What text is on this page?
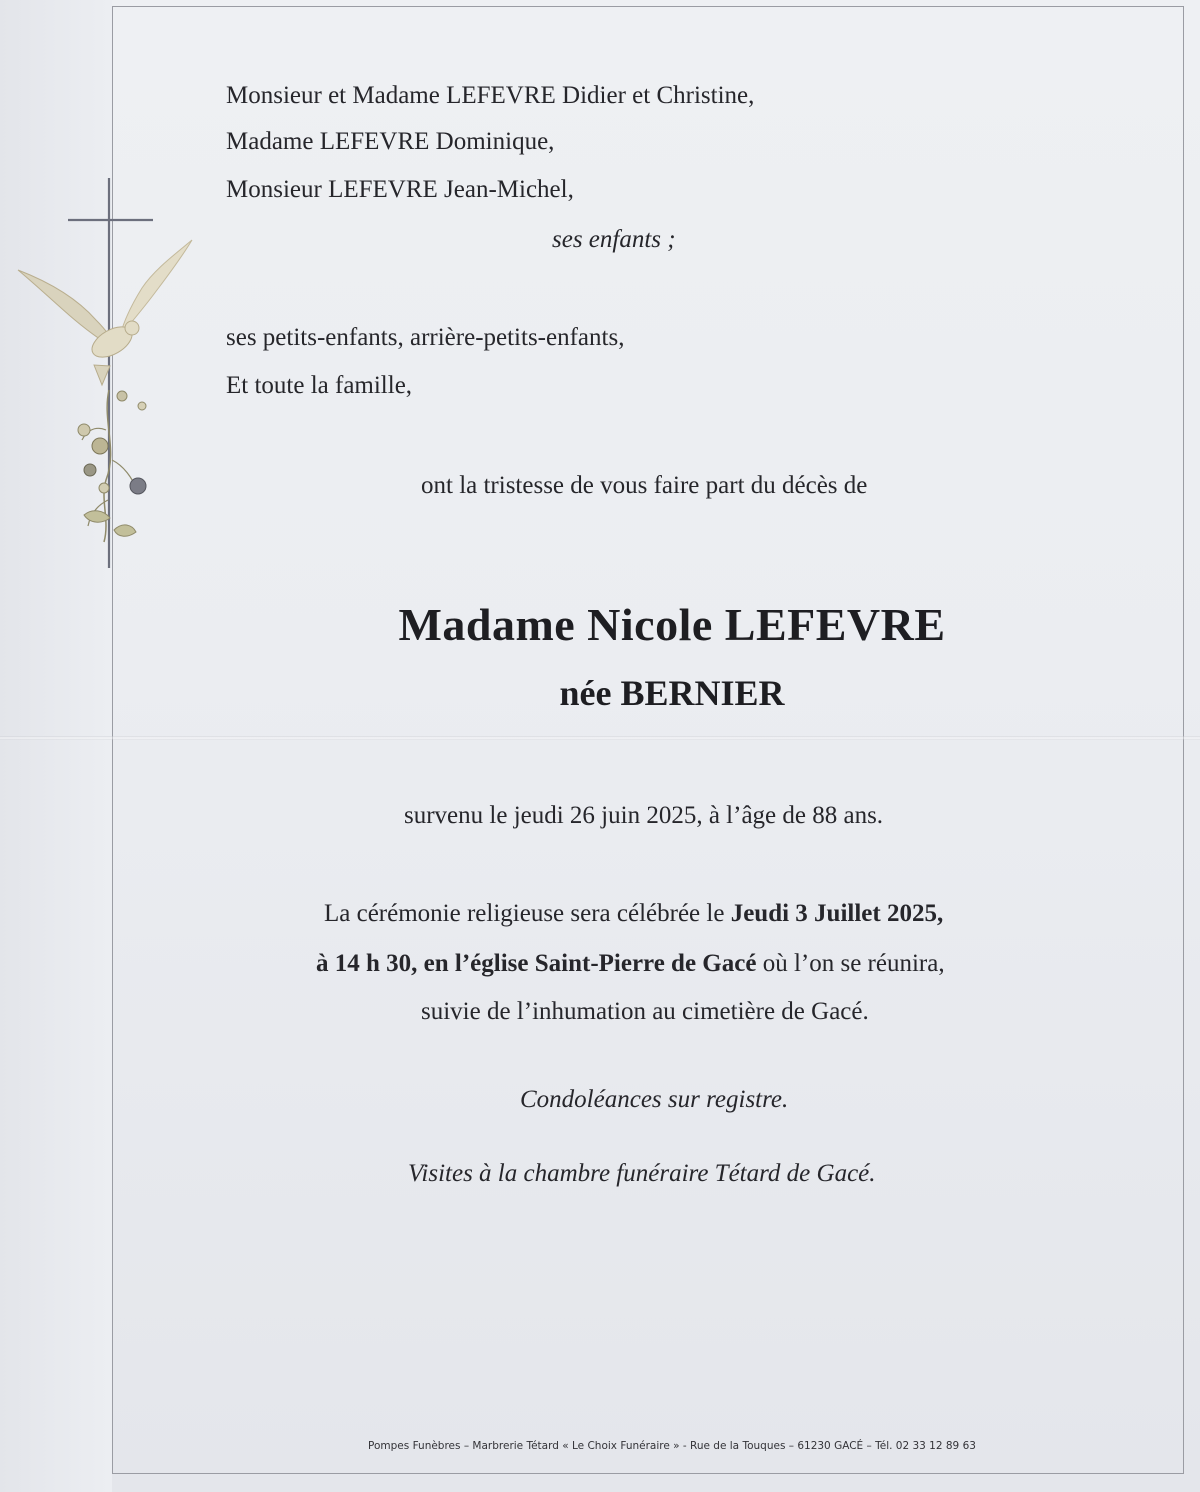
Monsieur et Madame LEFEVRE Didier et Christine,

Madame LEFEVRE Dominique,

Monsieur LEFEVRE Jean-Michel,

ses enfants ;

ses petits-enfants, arrière-petits-enfants,

Et toute la famille,

ont la tristesse de vous faire part du décès de

Madame Nicole LEFEVRE

née BERNIER

survenu le jeudi 26 juin 2025, à l’âge de 88 ans.

La cérémonie religieuse sera célébrée le Jeudi 3 Juillet 2025,

à 14 h 30, en l’église Saint-Pierre de Gacé où l’on se réunira,

suivie de l’inhumation au cimetière de Gacé.

Condoléances sur registre.

Visites à la chambre funéraire Tétard de Gacé.

Pompes Funèbres – Marbrerie Tétard « Le Choix Funéraire » - Rue de la Touques – 61230 GACÉ – Tél. 02 33 12 89 63
